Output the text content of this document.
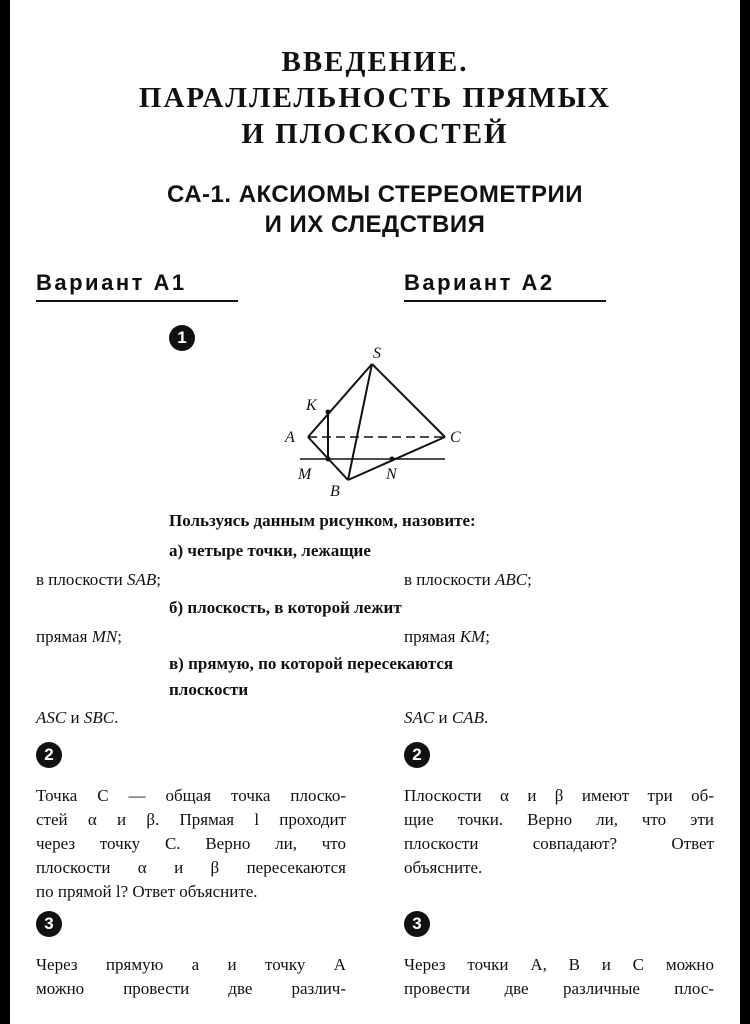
ВВЕДЕНИЕ.
ПАРАЛЛЕЛЬНОСТЬ ПРЯМЫХ
И ПЛОСКОСТЕЙ
СА-1. АКСИОМЫ СТЕРЕОМЕТРИИ
И ИХ СЛЕДСТВИЯ
Вариант А1	Вариант А2
1
S
K
A	C
M	N
B
Пользуясь данным рисунком, назовите:
а) четыре точки, лежащие
в плоскости SAB;	в плоскости ABC;
б) плоскость, в которой лежит
прямая MN;	прямая KM;
в) прямую, по которой пересекаются
плоскости
ASC и SBC.	SAC и CAB.
2	2
Точка С — общая точка плоско-
стей α и β. Прямая l проходит
через точку С. Верно ли, что
плоскости α и β пересекаются
по прямой l? Ответ объясните.
Плоскости α и β имеют три об-
щие точки. Верно ли, что эти
плоскости совпадают? Ответ
объясните.
3	3
Через прямую a и точку A
можно провести две различ-
Через точки A, B и C можно
провести две различные плос-
